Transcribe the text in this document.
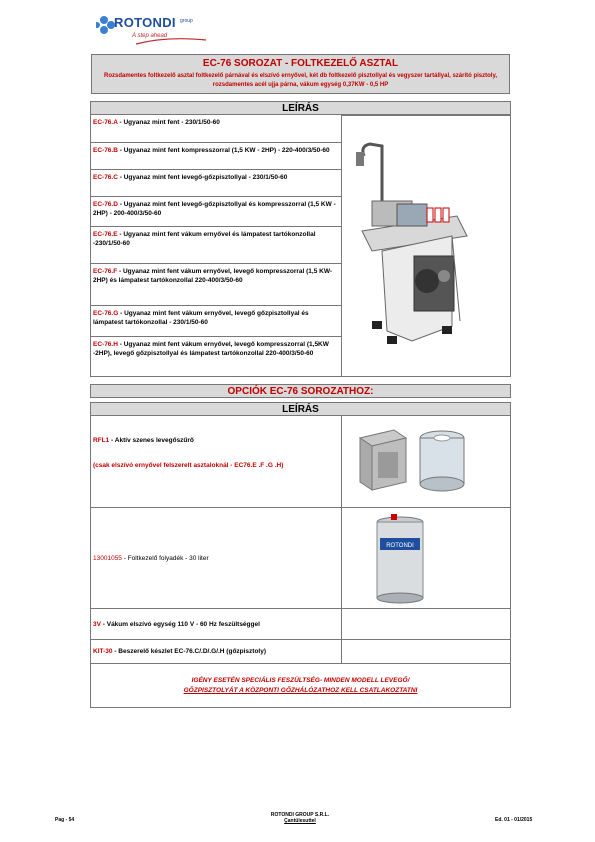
ROTONDI group
A step ahead
EC-76 SOROZAT - FOLTKEZELŐ ASZTAL

Rozsdamentes foltkezelő asztal foltkezelő párnával és elszívó ernyővel, két db foltkezelő pisztollyal és vegyszer tartállyal, szárító pisztoly, rozsdamentes acél ujja párna, vákum egység 0,37KW - 0,5 HP

LEÍRÁS
EC-76.A - Ugyanaz mint fent - 230/1/50-60
EC-76.B - Ugyanaz mint fent kompresszorral (1,5 KW - 2HP) - 220-400/3/50-60
EC-76.C - Ugyanaz mint fent levegő-gőzpisztollyal - 230/1/50-60
EC-76.D - Ugyanaz mint fent levegő-gőzpisztollyal és kompresszorral (1,5 KW - 2HP) - 200-400/3/50-60
EC-76.E - Ugyanaz mint fent vákum ernyővel és lámpatest tartókonzollal -230/1/50-60
EC-76.F - Ugyanaz mint fent vákum ernyővel, levegő kompresszorral (1,5 KW- 2HP) és lámpatest tartókonzollal 220-400/3/50-60
EC-76.G - Ugyanaz mint fent vákum ernyővel, levegő gőzpisztollyal és lámpatest tartókonzollal - 230/1/50-60
EC-76.H - Ugyanaz mint fent vákum ernyővel, levegő kompresszorral (1,5KW -2HP), levegő gőzpisztollyal és lámpatest tartókonzollal 220-400/3/50-60
OPCIÓK EC-76 SOROZATHOZ:
LEÍRÁS
RFL1 - Aktív szenes levegőszűrő
(csak elszívó ernyővel felszerelt asztaloknál - EC76.E .F .G .H)
13001055 - Foltkezelő folyadék - 30 liter
ROTONDI
3V - Vákum elszívó egység 110 V - 60 Hz feszültséggel
KIT-30 - Beszerelő készlet EC-76.C/.D/.G/.H (gőzpisztoly)
IGÉNY ESETÉN SPECIÁLIS FESZÜLTSÉG- MINDEN MODELL LEVEGŐ/
GŐZPISZTOLYÁT A KÖZPONTI GŐZHÁLÓZATHOZ KELL CSATLAKOZTATNI
Pag - 54
ROTONDI GROUP S.R.L.
Çantülesuttel	Ed. 01 - 01/2015
